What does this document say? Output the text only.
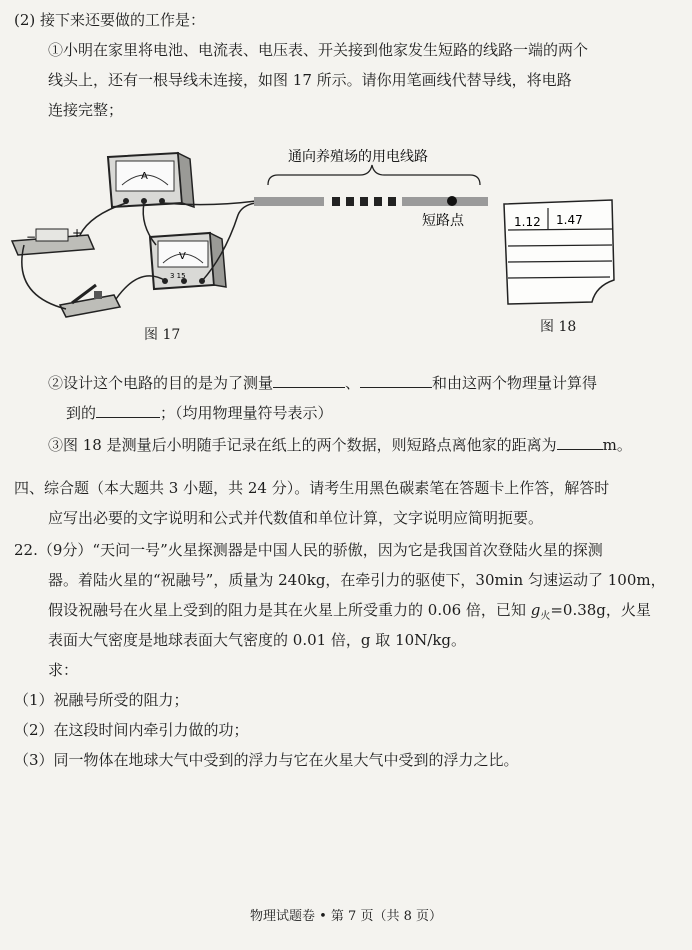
(2) 接下来还要做的工作是：
①小明在家里将电池、电流表、电压表、开关接到他家发生短路的线路一端的两个
线头上，还有一根导线未连接，如图 17 所示。请你用笔画线代替导线，将电路
连接完整；
A
V
3 15
−	+
通向养殖场的用电线路
短路点
图 17
1.12 1.47
图 18
②设计这个电路的目的是为了测量	、	和由这两个物理量计算得
到的	；（均用物理量符号表示）
③图 18 是测量后小明随手记录在纸上的两个数据，则短路点离他家的距离为	m。
四、综合题（本大题共 3 小题，共 24 分）。请考生用黑色碳素笔在答题卡上作答，解答时
应写出必要的文字说明和公式并代数值和单位计算，文字说明应简明扼要。
22.（9分）“天问一号”火星探测器是中国人民的骄傲，因为它是我国首次登陆火星的探测
器。着陆火星的“祝融号”，质量为 240kg，在牵引力的驱使下，30min 匀速运动了 100m，
假设祝融号在火星上受到的阻力是其在火星上所受重力的 0.06 倍，已知 $g_火=0.38g$，火星
表面大气密度是地球表面大气密度的 0.01 倍，g 取 10N/kg。
求：
（1）祝融号所受的阻力；
（2）在这段时间内牵引力做的功；
（3）同一物体在地球大气中受到的浮力与它在火星大气中受到的浮力之比。
物理试题卷 • 第 7 页（共 8 页）
